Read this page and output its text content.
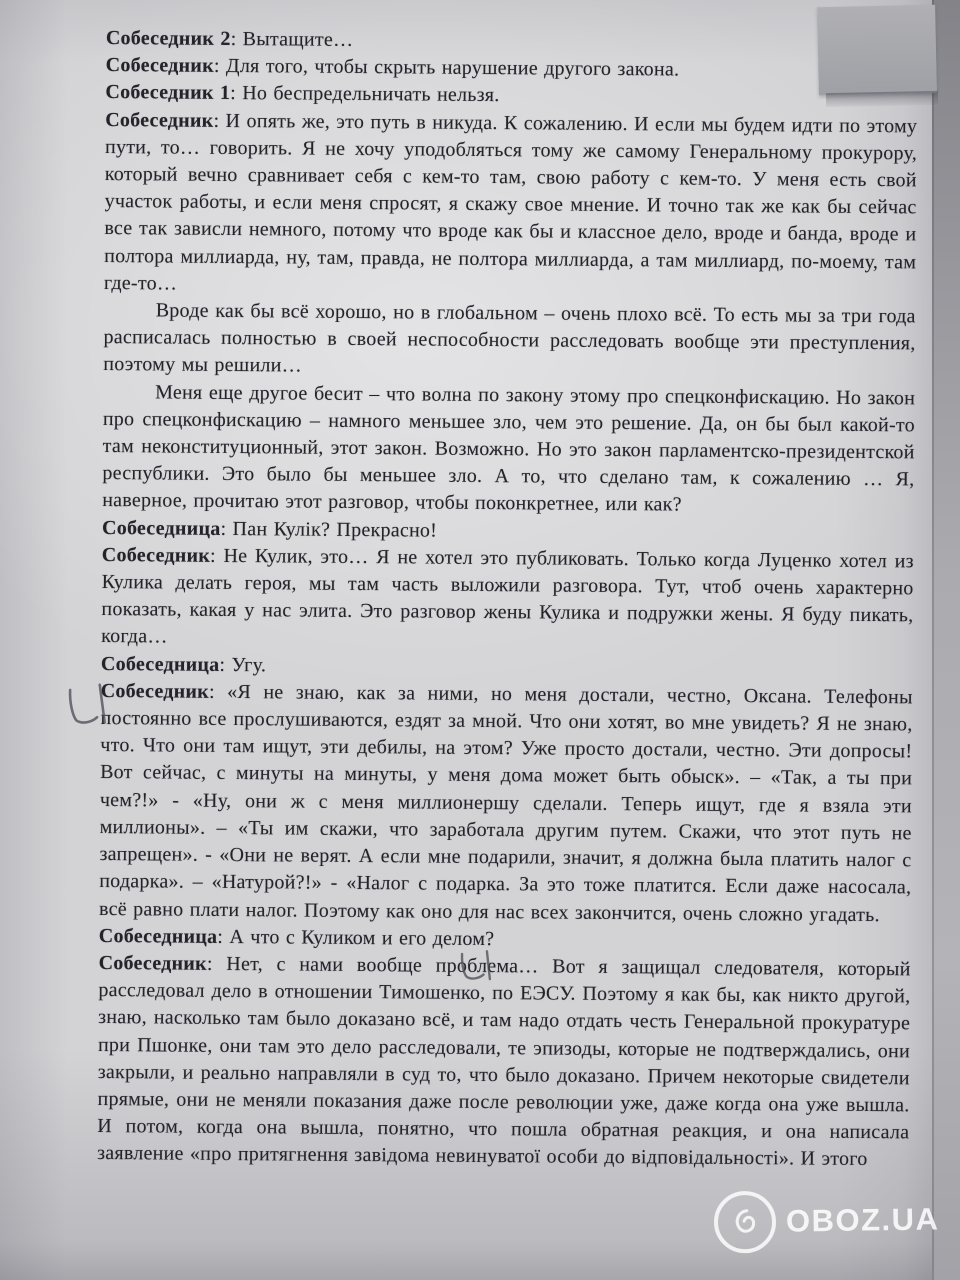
Собеседник 2: Вытащите…

Собеседник: Для того, чтобы скрыть нарушение другого закона.

Собеседник 1: Но беспредельничать нельзя.

Собеседник: И опять же, это путь в никуда. К сожалению. И если мы будем идти по этому пути, то… говорить. Я не хочу уподобляться тому же самому Генеральному прокурору, который вечно сравнивает себя с кем-то там, свою работу с кем-то. У меня есть свой участок работы, и если меня спросят, я скажу свое мнение. И точно так же как бы сейчас все так зависли немного, потому что вроде как бы и классное дело, вроде и банда, вроде и полтора миллиарда, ну, там, правда, не полтора миллиарда, а там миллиард, по-моему, там где-то…

Вроде как бы всё хорошо, но в глобальном – очень плохо всё. То есть мы за три года расписалась полностью в своей неспособности расследовать вообще эти преступления, поэтому мы решили…

Меня еще другое бесит – что волна по закону этому про спецконфискацию. Но закон про спецконфискацию – намного меньшее зло, чем это решение. Да, он бы был какой-то там неконституционный, этот закон. Возможно. Но это закон парламентско-президентской республики. Это было бы меньшее зло. А то, что сделано там, к сожалению … Я, наверное, прочитаю этот разговор, чтобы поконкретнее, или как?

Собеседница: Пан Кулік? Прекрасно!

Собеседник: Не Кулик, это… Я не хотел это публиковать. Только когда Луценко хотел из Кулика делать героя, мы там часть выложили разговора. Тут, чтоб очень характерно показать, какая у нас элита. Это разговор жены Кулика и подружки жены. Я буду пикать, когда…

Собеседница: Угу.

Собеседник: «Я не знаю, как за ними, но меня достали, честно, Оксана. Телефоны постоянно все прослушиваются, ездят за мной. Что они хотят, во мне увидеть? Я не знаю, что. Что они там ищут, эти дебилы, на этом? Уже просто достали, честно. Эти допросы! Вот сейчас, с минуты на минуты, у меня дома может быть обыск». – «Так, а ты при чем?!» - «Ну, они ж с меня миллионершу сделали. Теперь ищут, где я взяла эти миллионы». – «Ты им скажи, что заработала другим путем. Скажи, что этот путь не запрещен». - «Они не верят. А если мне подарили, значит, я должна была платить налог с подарка». – «Натурой?!» - «Налог с подарка. За это тоже платится. Если даже насосала, всё равно плати налог. Поэтому как оно для нас всех закончится, очень сложно угадать.

Собеседница: А что с Куликом и его делом?

Собеседник: Нет, с нами вообще проблема… Вот я защищал следователя, который расследовал дело в отношении Тимошенко, по ЕЭСУ. Поэтому я как бы, как никто другой, знаю, насколько там было доказано всё, и там надо отдать честь Генеральной прокуратуре при Пшонке, они там это дело расследовали, те эпизоды, которые не подтверждались, они закрыли, и реально направляли в суд то, что было доказано. Причем некоторые свидетели прямые, они не меняли показания даже после революции уже, даже когда она уже вышла. И потом, когда она вышла, понятно, что пошла обратная реакция, и она написала заявление «про притягнення завідома невинуватої особи до відповідальності». И этого

OBOZ.UA
